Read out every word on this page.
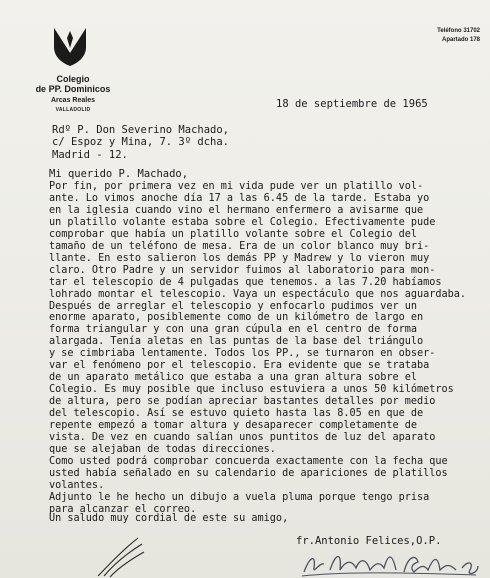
Colegio
de PP. Dominicos
Arcas Reales
VALLADOLID
Teléfono 31702
Apartado 178
18 de septiembre de 1965
Rdº P. Don Severino Machado,
c/ Espoz y Mina, 7. 3º dcha.
Madrid - 12.
Mi querido P. Machado,
Por fin, por primera vez en mi vida pude ver un platillo vol-
ante. Lo vimos anoche día 17 a las 6.45 de la tarde. Estaba yo
en la iglesia cuando vino el hermano enfermero a avisarme que
un platillo volante estaba sobre el Colegio. Efectivamente pude
comprobar que había un platillo volante sobre el Colegio del
tamaño de un teléfono de mesa. Era de un color blanco muy bri-
llante. En esto salieron los demás PP y Madrew y lo vieron muy
claro. Otro Padre y un servidor fuimos al laboratorio para mon-
tar el telescopio de 4 pulgadas que tenemos. a las 7.20 habíamos
lohrado montar el telescopio. Vaya un espectáculo que nos aguardaba.
Después de arreglar el telescopio y enfocarlo pudimos ver un
enorme aparato, posiblemente como de un kilómetro de largo en
forma triangular y con una gran cúpula en el centro de forma
alargada. Tenía aletas en las puntas de la base del triángulo
y se cimbriaba lentamente. Todos los PP., se turnaron en obser-
var el fenómeno por el telescopio. Era evidente que se trataba
de un aparato metálico que estaba a una gran altura sobre el
Colegio. Es muy posible que incluso estuviera a unos 50 kilómetros
de altura, pero se podían apreciar bastantes detalles por medio
del telescopio. Así se estuvo quieto hasta las 8.05 en que de
repente empezó a tomar altura y desaparecer completamente de
vista. De vez en cuando salían unos puntitos de luz del aparato
que se alejaban de todas direcciones.
Como usted podrá comprobar concuerda exactamente con la fecha que
usted había señalado en su calendario de apariciones de platillos
volantes.
Adjunto le he hecho un dibujo a vuela pluma porque tengo prisa
para alcanzar el correo.
Un saludo muy cordial de este su amigo,
fr.Antonio Felices,O.P.
